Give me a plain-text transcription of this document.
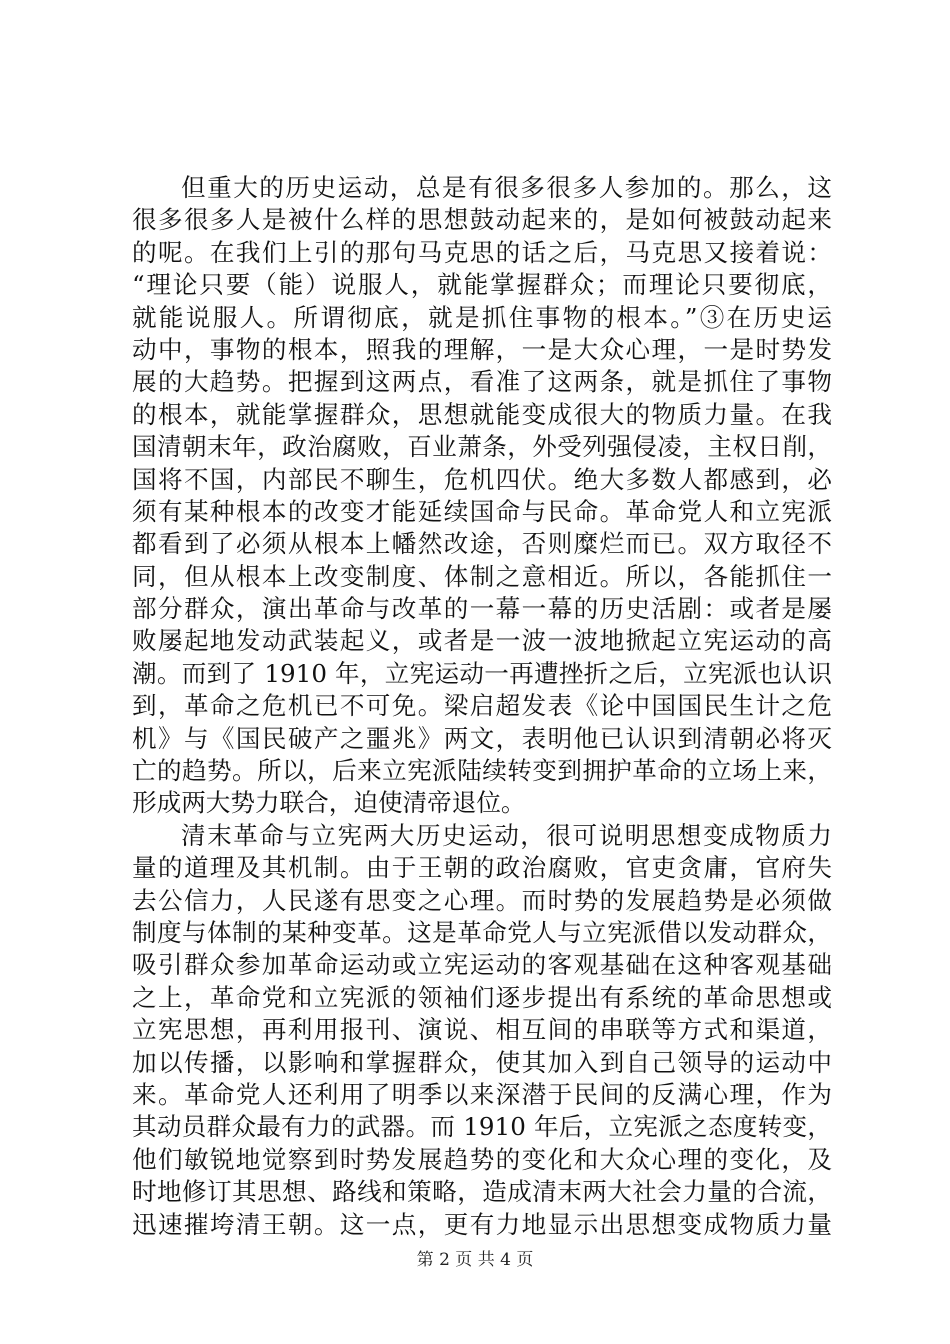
但重大的历史运动，总是有很多很多人参加的。那么，这
很多很多人是被什么样的思想鼓动起来的，是如何被鼓动起来
的呢。在我们上引的那句马克思的话之后，马克思又接着说：
“理论只要（能）说服人，就能掌握群众；而理论只要彻底，
就能说服人。所谓彻底，就是抓住事物的根本。”③在历史运
动中，事物的根本，照我的理解，一是大众心理，一是时势发
展的大趋势。把握到这两点，看准了这两条，就是抓住了事物
的根本，就能掌握群众，思想就能变成很大的物质力量。在我
国清朝末年，政治腐败，百业萧条，外受列强侵凌，主权日削，
国将不国，内部民不聊生，危机四伏。绝大多数人都感到，必
须有某种根本的改变才能延续国命与民命。革命党人和立宪派
都看到了必须从根本上幡然改途，否则糜烂而已。双方取径不
同，但从根本上改变制度、体制之意相近。所以，各能抓住一
部分群众，演出革命与改革的一幕一幕的历史活剧：或者是屡
败屡起地发动武装起义，或者是一波一波地掀起立宪运动的高
潮。而到了 1910 年，立宪运动一再遭挫折之后，立宪派也认识
到，革命之危机已不可免。梁启超发表《论中国国民生计之危
机》与《国民破产之噩兆》两文，表明他已认识到清朝必将灭
亡的趋势。所以，后来立宪派陆续转变到拥护革命的立场上来，
形成两大势力联合，迫使清帝退位。
清末革命与立宪两大历史运动，很可说明思想变成物质力
量的道理及其机制。由于王朝的政治腐败，官吏贪庸，官府失
去公信力，人民遂有思变之心理。而时势的发展趋势是必须做
制度与体制的某种变革。这是革命党人与立宪派借以发动群众，
吸引群众参加革命运动或立宪运动的客观基础在这种客观基础
之上，革命党和立宪派的领袖们逐步提出有系统的革命思想或
立宪思想，再利用报刊、演说、相互间的串联等方式和渠道，
加以传播，以影响和掌握群众，使其加入到自己领导的运动中
来。革命党人还利用了明季以来深潜于民间的反满心理，作为
其动员群众最有力的武器。而 1910 年后，立宪派之态度转变，
他们敏锐地觉察到时势发展趋势的变化和大众心理的变化，及
时地修订其思想、路线和策略，造成清末两大社会力量的合流，
迅速摧垮清王朝。这一点，更有力地显示出思想变成物质力量
第 2 页 共 4 页
